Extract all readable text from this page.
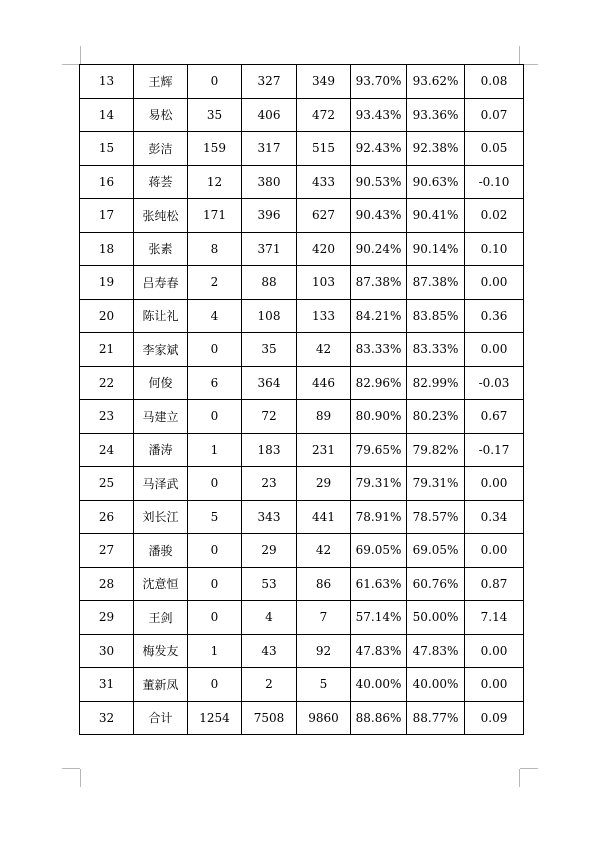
13	王辉	0	327	349	93.70%	93.62%	0.08
14	易松	35	406	472	93.43%	93.36%	0.07
15	彭洁	159	317	515	92.43%	92.38%	0.05
16	蒋荟	12	380	433	90.53%	90.63%	-0.10
17	张纯松	171	396	627	90.43%	90.41%	0.02
18	张素	8	371	420	90.24%	90.14%	0.10
19	吕寿春	2	88	103	87.38%	87.38%	0.00
20	陈让礼	4	108	133	84.21%	83.85%	0.36
21	李家斌	0	35	42	83.33%	83.33%	0.00
22	何俊	6	364	446	82.96%	82.99%	-0.03
23	马建立	0	72	89	80.90%	80.23%	0.67
24	潘涛	1	183	231	79.65%	79.82%	-0.17
25	马泽武	0	23	29	79.31%	79.31%	0.00
26	刘长江	5	343	441	78.91%	78.57%	0.34
27	潘骏	0	29	42	69.05%	69.05%	0.00
28	沈意恒	0	53	86	61.63%	60.76%	0.87
29	王剑	0	4	7	57.14%	50.00%	7.14
30	梅发友	1	43	92	47.83%	47.83%	0.00
31	董新凤	0	2	5	40.00%	40.00%	0.00
32	合计	1254	7508	9860	88.86%	88.77%	0.09
